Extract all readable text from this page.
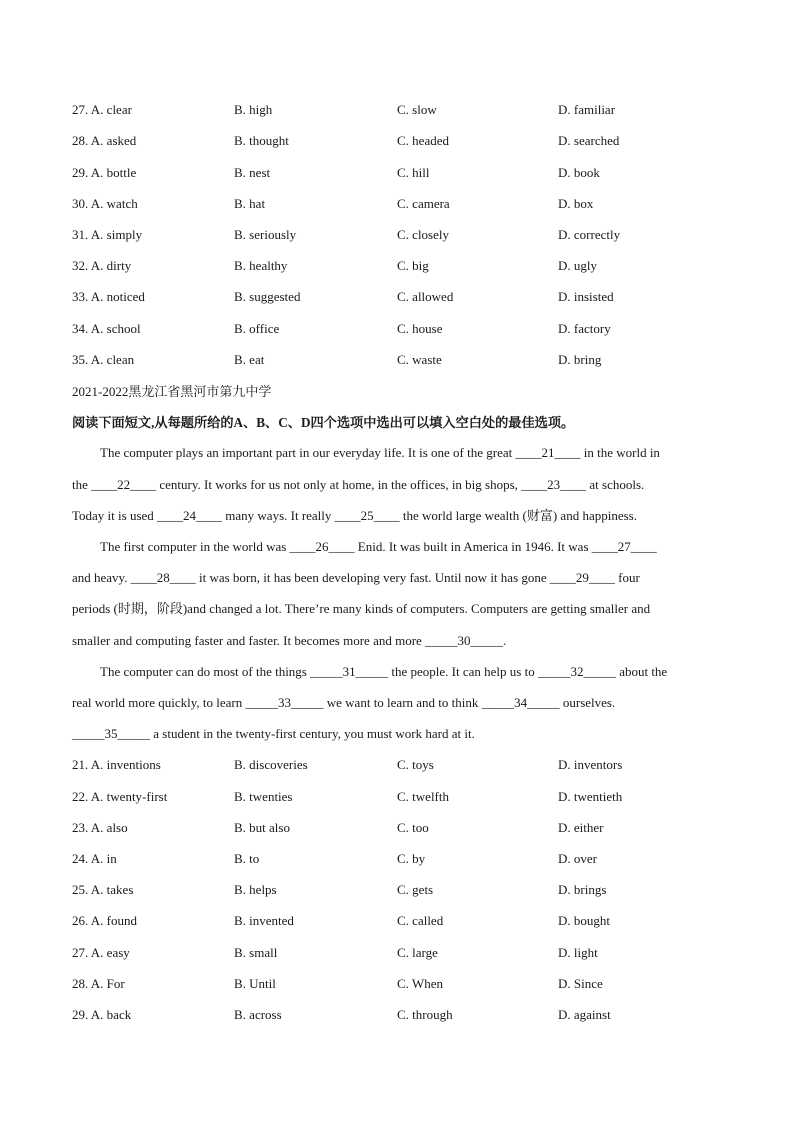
27. A. clear	B. high	C. slow	D. familiar
28. A. asked	B. thought	C. headed	D. searched
29. A. bottle	B. nest	C. hill	D. book
30. A. watch	B. hat	C. camera	D. box
31. A. simply	B. seriously	C. closely	D. correctly
32. A. dirty	B. healthy	C. big	D. ugly
33. A. noticed	B. suggested	C. allowed	D. insisted
34. A. school	B. office	C. house	D. factory
35. A. clean	B. eat	C. waste	D. bring
2021-2022黑龙江省黑河市第九中学
阅读下面短文,从每题所给的A、B、C、D四个选项中选出可以填入空白处的最佳选项。
The computer plays an important part in our everyday life. It is one of the great ____21____ in the world in
the ____22____ century. It works for us not only at home, in the offices, in big shops, ____23____ at schools.
Today it is used ____24____ many ways. It really ____25____ the world large wealth (财富) and happiness.
The first computer in the world was ____26____ Enid. It was built in America in 1946. It was ____27____
and heavy. ____28____ it was born, it has been developing very fast. Until now it has gone ____29____ four
periods (时期，阶段)and changed a lot. There’re many kinds of computers. Computers are getting smaller and
smaller and computing faster and faster. It becomes more and more _____30_____.
The computer can do most of the things _____31_____ the people. It can help us to _____32_____ about the
real world more quickly, to learn _____33_____ we want to learn and to think _____34_____ ourselves.
_____35_____ a student in the twenty-first century, you must work hard at it.
21. A. inventions	B. discoveries	C. toys	D. inventors
22. A. twenty-first	B. twenties	C. twelfth	D. twentieth
23. A. also	B. but also	C. too	D. either
24. A. in	B. to	C. by	D. over
25. A. takes	B. helps	C. gets	D. brings
26. A. found	B. invented	C. called	D. bought
27. A. easy	B. small	C. large	D. light
28. A. For	B. Until	C. When	D. Since
29. A. back	B. across	C. through	D. against
